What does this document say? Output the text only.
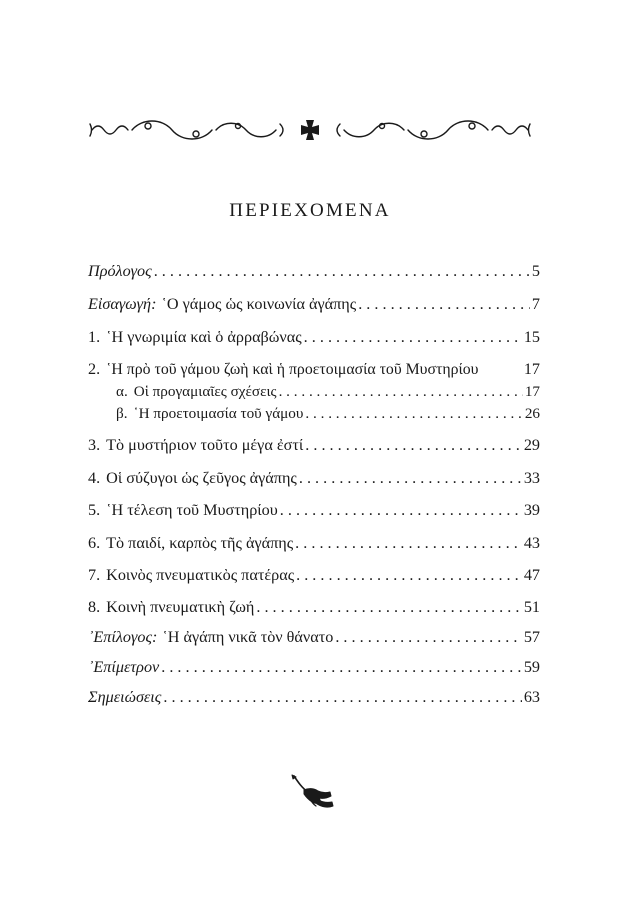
ΠΕΡΙΕΧΟΜΕΝΑ
Πρόλογος . . .	5
Εἰσαγωγή: ῾Ο γάμος ὡς κοινωνία ἀγάπης . . .	7
1. ῾Η γνωριμία καὶ ὁ ἀρραβώνας . . .	15
2. ῾Η πρὸ τοῦ γάμου ζωὴ καὶ ἡ προετοιμασία τοῦ Μυστηρίου	17
α. Οἱ προγαμιαῖες σχέσεις . . .	17
β. ῾Η προετοιμασία τοῦ γάμου . . .	26
3. Τὸ μυστήριον τοῦτο μέγα ἐστί . . .	29
4. Οἱ σύζυγοι ὡς ζεῦγος ἀγάπης . . .	33
5. ῾Η τέλεση τοῦ Μυστηρίου . . .	39
6. Τὸ παιδί, καρπὸς τῆς ἀγάπης . . .	43
7. Κοινὸς πνευματικὸς πατέρας . . .	47
8. Κοινὴ πνευματικὴ ζωή . . .	51
᾽Επίλογος: ῾Η ἀγάπη νικᾶ τὸν θάνατο . . .	57
᾽Επίμετρον . . .	59
Σημειώσεις . . .	63
